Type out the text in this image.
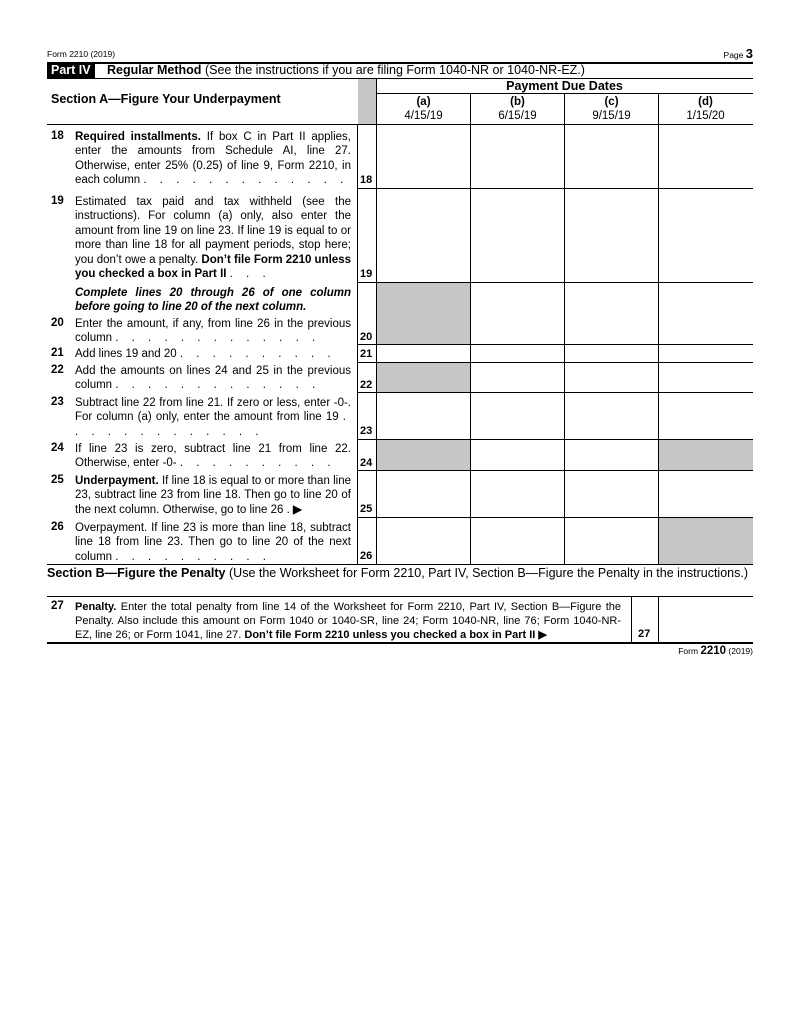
Form 2210 (2019)	Page 3
Part IV	Regular Method (See the instructions if you are filing Form 1040-NR or 1040-NR-EZ.)
Section A—Figure Your Underpayment
Payment Due Dates
(a)
4/15/19
(b)
6/15/19
(c)
9/15/19
(d)
1/15/20
18 Required installments. If box C in Part II applies, enter the amounts from Schedule AI, line 27. Otherwise, enter 25% (0.25) of line 9, Form 2210, in each column . . . . . . . . . . . . . 18
19 Estimated tax paid and tax withheld (see the instructions). For column (a) only, also enter the amount from line 19 on line 23. If line 19 is equal to or more than line 18 for all payment periods, stop here; you don’t owe a penalty. Don’t file Form 2210 unless you checked a box in Part II . . .	19
Complete lines 20 through 26 of one column before going to line 20 of the next column.
20 Enter the amount, if any, from line 26 in the previous column . . . . . . . . . . . . .	20
21 Add lines 19 and 20 . . . . . . . . . .	21
22 Add the amounts on lines 24 and 25 in the previous column . . . . . . . . . . . . .	22
23 Subtract line 22 from line 21. If zero or less, enter -0-. For column (a) only, enter the amount from line 19 . . . . . . . . . . . . .	23
24 If line 23 is zero, subtract line 21 from line 22. Otherwise, enter -0- . . . . . . . . . .	24
25 Underpayment. If line 18 is equal to or more than line 23, subtract line 23 from line 18. Then go to line 20 of the next column. Otherwise, go to line 26 . ▶	25
26 Overpayment. If line 23 is more than line 18, subtract line 18 from line 23. Then go to line 20 of the next column . . . . . . . . . .	26
Section B—Figure the Penalty (Use the Worksheet for Form 2210, Part IV, Section B—Figure the Penalty in the instructions.)
27 Penalty. Enter the total penalty from line 14 of the Worksheet for Form 2210, Part IV, Section B—Figure the Penalty. Also include this amount on Form 1040 or 1040-SR, line 24; Form 1040-NR, line 76; Form 1040-NR-EZ, line 26; or Form 1041, line 27. Don’t file Form 2210 unless you checked a box in Part II ▶	27
Form 2210 (2019)
